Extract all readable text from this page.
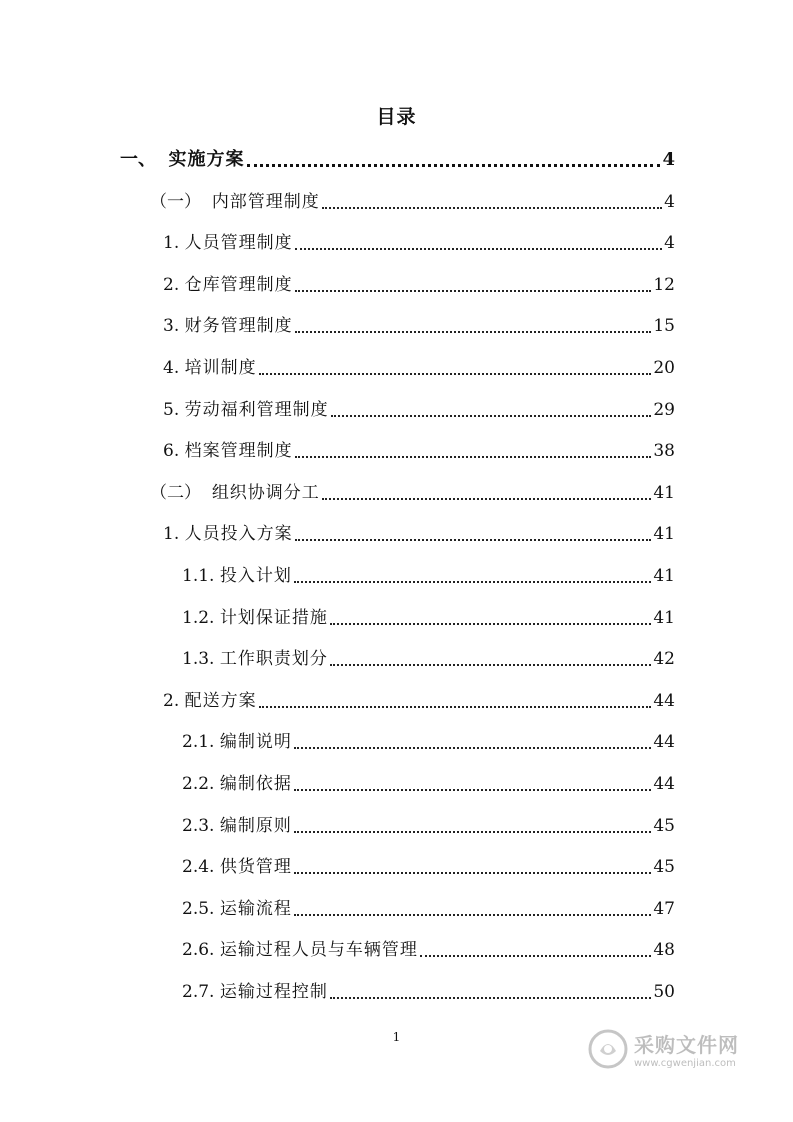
目录
一、 实施方案	4
（一） 内部管理制度	4
1. 人员管理制度	4
2. 仓库管理制度	12
3. 财务管理制度	15
4. 培训制度	20
5. 劳动福利管理制度	29
6. 档案管理制度	38
（二） 组织协调分工	41
1. 人员投入方案	41
1.1. 投入计划	41
1.2. 计划保证措施	41
1.3. 工作职责划分	42
2. 配送方案	44
2.1. 编制说明	44
2.2. 编制依据	44
2.3. 编制原则	45
2.4. 供货管理	45
2.5. 运输流程	47
2.6. 运输过程人员与车辆管理	48
2.7. 运输过程控制	50
1	采购文件网
www.cgwenjian.com
